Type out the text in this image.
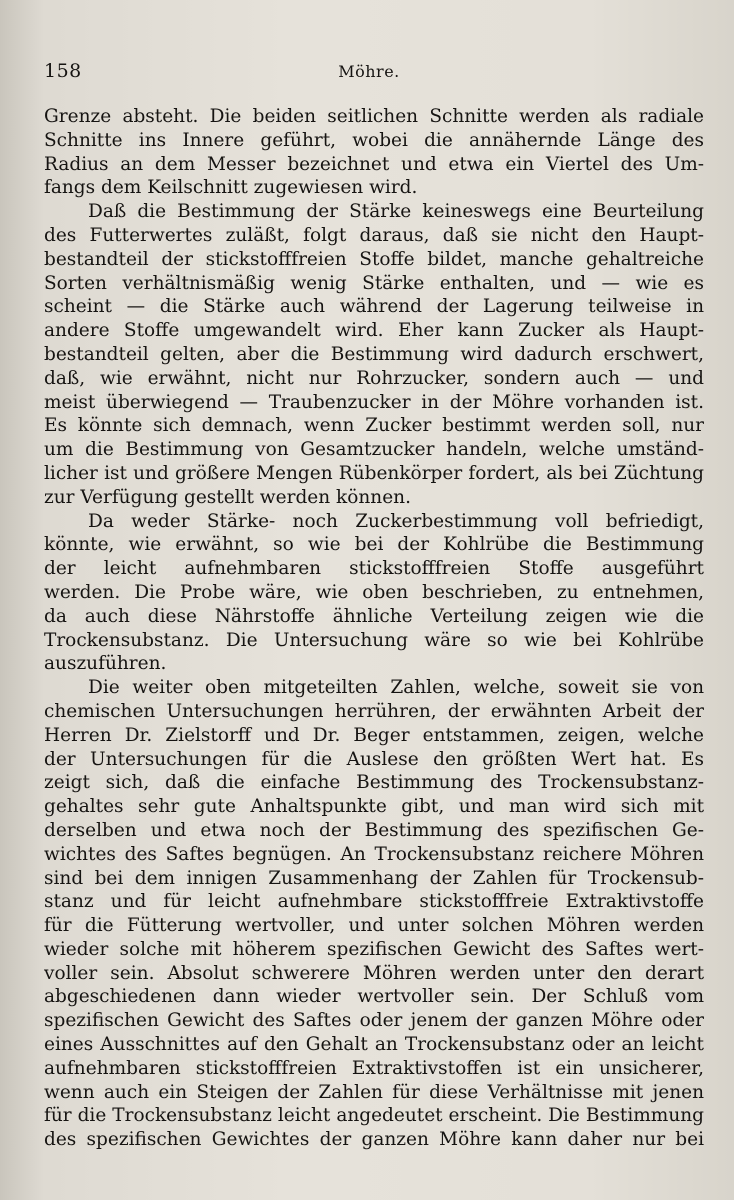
158	Möhre.
Grenze absteht. Die beiden seitlichen Schnitte werden als radiale
Schnitte ins Innere geführt, wobei die annähernde Länge des
Radius an dem Messer bezeichnet und etwa ein Viertel des Um-
fangs dem Keilschnitt zugewiesen wird.
Daß die Bestimmung der Stärke keineswegs eine Beurteilung
des Futterwertes zuläßt, folgt daraus, daß sie nicht den Haupt-
bestandteil der stickstofffreien Stoffe bildet, manche gehaltreiche
Sorten verhältnismäßig wenig Stärke enthalten, und — wie es
scheint — die Stärke auch während der Lagerung teilweise in
andere Stoffe umgewandelt wird. Eher kann Zucker als Haupt-
bestandteil gelten, aber die Bestimmung wird dadurch erschwert,
daß, wie erwähnt, nicht nur Rohrzucker, sondern auch — und
meist überwiegend — Traubenzucker in der Möhre vorhanden ist.
Es könnte sich demnach, wenn Zucker bestimmt werden soll, nur
um die Bestimmung von Gesamtzucker handeln, welche umständ-
licher ist und größere Mengen Rübenkörper fordert, als bei Züchtung
zur Verfügung gestellt werden können.
Da weder Stärke- noch Zuckerbestimmung voll befriedigt,
könnte, wie erwähnt, so wie bei der Kohlrübe die Bestimmung
der leicht aufnehmbaren stickstofffreien Stoffe ausgeführt
werden. Die Probe wäre, wie oben beschrieben, zu entnehmen,
da auch diese Nährstoffe ähnliche Verteilung zeigen wie die
Trockensubstanz. Die Untersuchung wäre so wie bei Kohlrübe
auszuführen.
Die weiter oben mitgeteilten Zahlen, welche, soweit sie von
chemischen Untersuchungen herrühren, der erwähnten Arbeit der
Herren Dr. Zielstorff und Dr. Beger entstammen, zeigen, welche
der Untersuchungen für die Auslese den größten Wert hat. Es
zeigt sich, daß die einfache Bestimmung des Trockensubstanz-
gehaltes sehr gute Anhaltspunkte gibt, und man wird sich mit
derselben und etwa noch der Bestimmung des spezifischen Ge-
wichtes des Saftes begnügen. An Trockensubstanz reichere Möhren
sind bei dem innigen Zusammenhang der Zahlen für Trockensub-
stanz und für leicht aufnehmbare stickstofffreie Extraktivstoffe
für die Fütterung wertvoller, und unter solchen Möhren werden
wieder solche mit höherem spezifischen Gewicht des Saftes wert-
voller sein. Absolut schwerere Möhren werden unter den derart
abgeschiedenen dann wieder wertvoller sein. Der Schluß vom
spezifischen Gewicht des Saftes oder jenem der ganzen Möhre oder
eines Ausschnittes auf den Gehalt an Trockensubstanz oder an leicht
aufnehmbaren stickstofffreien Extraktivstoffen ist ein unsicherer,
wenn auch ein Steigen der Zahlen für diese Verhältnisse mit jenen
für die Trockensubstanz leicht angedeutet erscheint. Die Bestimmung
des spezifischen Gewichtes der ganzen Möhre kann daher nur bei
